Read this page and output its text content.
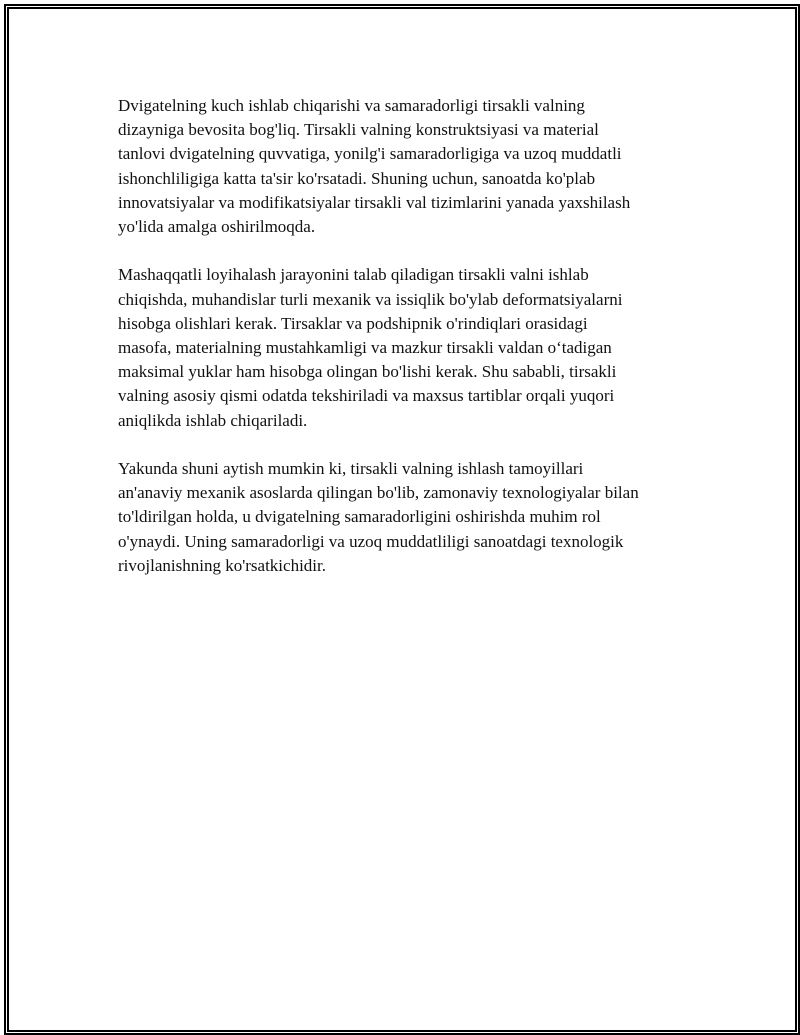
Dvigatelning kuch ishlab chiqarishi va samaradorligi tirsakli valning
dizayniga bevosita bog'liq. Tirsakli valning konstruktsiyasi va material
tanlovi dvigatelning quvvatiga, yonilg'i samaradorligiga va uzoq muddatli
ishonchliligiga katta ta'sir ko'rsatadi. Shuning uchun, sanoatda ko'plab
innovatsiyalar va modifikatsiyalar tirsakli val tizimlarini yanada yaxshilash
yo'lida amalga oshirilmoqda.

Mashaqqatli loyihalash jarayonini talab qiladigan tirsakli valni ishlab
chiqishda, muhandislar turli mexanik va issiqlik bo'ylab deformatsiyalarni
hisobga olishlari kerak. Tirsaklar va podshipnik o'rindiqlari orasidagi
masofa, materialning mustahkamligi va mazkur tirsakli valdan o‘tadigan
maksimal yuklar ham hisobga olingan bo'lishi kerak. Shu sababli, tirsakli
valning asosiy qismi odatda tekshiriladi va maxsus tartiblar orqali yuqori
aniqlikda ishlab chiqariladi.

Yakunda shuni aytish mumkin ki, tirsakli valning ishlash tamoyillari
an'anaviy mexanik asoslarda qilingan bo'lib, zamonaviy texnologiyalar bilan
to'ldirilgan holda, u dvigatelning samaradorligini oshirishda muhim rol
o'ynaydi. Uning samaradorligi va uzoq muddatliligi sanoatdagi texnologik
rivojlanishning ko'rsatkichidir.
